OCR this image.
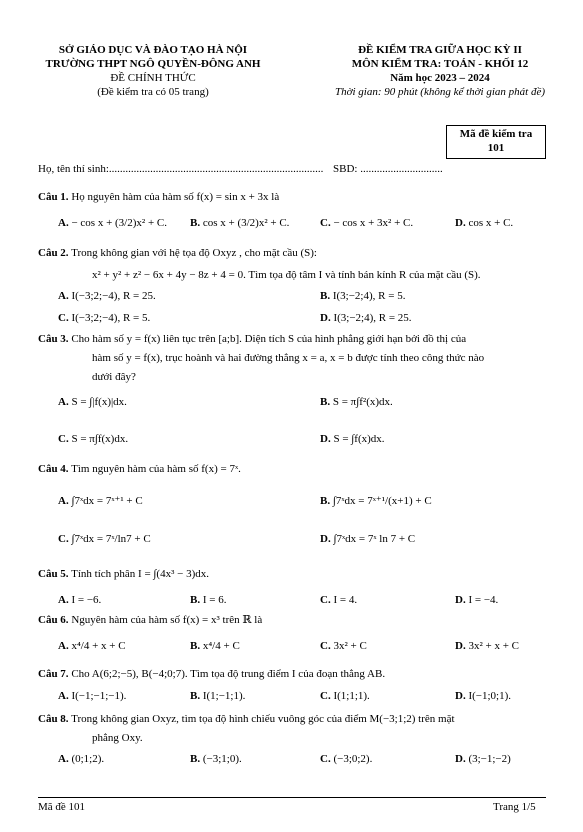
SỞ GIÁO DỤC VÀ ĐÀO TẠO HÀ NỘI
TRƯỜNG THPT NGÔ QUYỀN-ĐÔNG ANH
ĐỀ CHÍNH THỨC
(Đề kiểm tra có 05 trang)
ĐỀ KIỂM TRA GIỮA HỌC KỲ II
MÔN KIỂM TRA: TOÁN - KHỐI 12
Năm học 2023 – 2024
Thời gian: 90 phút (không kể thời gian phát đề)
Mã đề kiểm tra
101
Họ, tên thí sinh:.............................................................................. SBD: ..............................
Câu 1. Họ nguyên hàm của hàm số f(x) = sin x + 3x là
A. − cos x + (3/2)x² + C. B. cos x + (3/2)x² + C.	C. − cos x + 3x² + C.	D. cos x + C.
Câu 2. Trong không gian với hệ tọa độ Oxyz , cho mặt cầu (S):
x² + y² + z² − 6x + 4y − 8z + 4 = 0. Tìm tọa độ tâm I và tính bán kính R của mặt cầu (S).
A. I(−3;2;−4), R = 25.	B. I(3;−2;4), R = 5.
C. I(−3;2;−4), R = 5.	D. I(3;−2;4), R = 25.
Câu 3. Cho hàm số y = f(x) liên tục trên [a;b]. Diện tích S của hình phẳng giới hạn bởi đồ thị của
hàm số y = f(x), trục hoành và hai đường thẳng x = a, x = b được tính theo công thức nào
dưới đây?
A. S = ∫|f(x)|dx.	B. S = π∫f²(x)dx.
C. S = π∫f(x)dx.	D. S = ∫f(x)dx.
Câu 4. Tìm nguyên hàm của hàm số f(x) = 7ˣ.
A. ∫7ˣdx = 7ˣ⁺¹ + C	B. ∫7ˣdx = 7ˣ⁺¹/(x+1) + C
C. ∫7ˣdx = 7ˣ/ln7 + C	D. ∫7ˣdx = 7ˣ ln 7 + C
Câu 5. Tính tích phân I = ∫(4x³ − 3)dx.
A. I = −6.	B. I = 6.	C. I = 4.	D. I = −4.
Câu 6. Nguyên hàm của hàm số f(x) = x³ trên ℝ là
A. x⁴/4 + x + C	B. x⁴/4 + C	C. 3x² + C	D. 3x² + x + C
Câu 7. Cho A(6;2;−5), B(−4;0;7). Tìm tọa độ trung điểm I của đoạn thẳng AB.
A. I(−1;−1;−1).	B. I(1;−1;1).	C. I(1;1;1).	D. I(−1;0;1).
Câu 8. Trong không gian Oxyz, tìm tọa độ hình chiếu vuông góc của điểm M(−3;1;2) trên mặt
phẳng Oxy.
A. (0;1;2).	B. (−3;1;0).	C. (−3;0;2).	D. (3;−1;−2)
Mã đề 101	Trang 1/5
